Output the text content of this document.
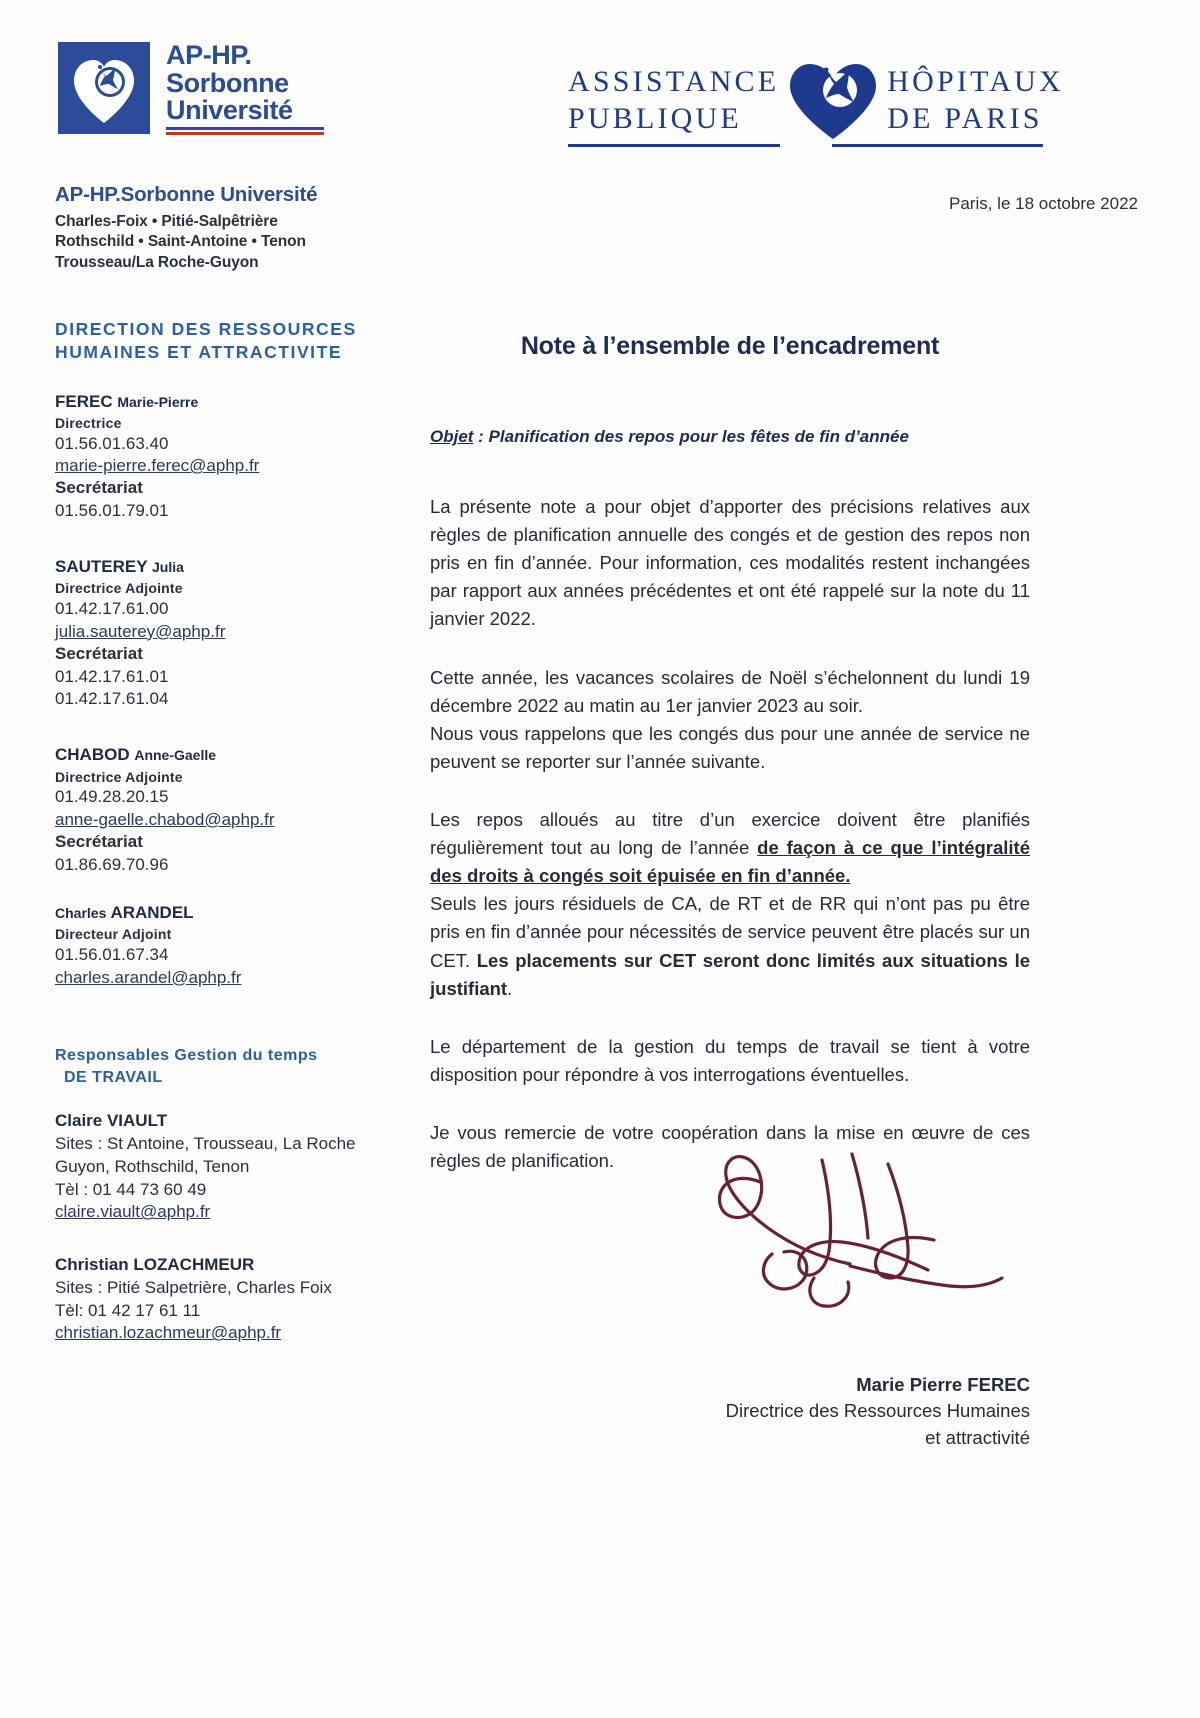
AP-HP.
Sorbonne
Université
ASSISTANCE
PUBLIQUE
HÔPITAUX
DE PARIS
AP-HP.Sorbonne Université
Charles-Foix • Pitié-Salpêtrière
Rothschild • Saint-Antoine • Tenon
Trousseau/La Roche-Guyon
Paris, le 18 octobre 2022
DIRECTION DES RESSOURCES
HUMAINES ET ATTRACTIVITE
FEREC Marie-Pierre
Directrice
01.56.01.63.40
marie-pierre.ferec@aphp.fr
Secrétariat
01.56.01.79.01
SAUTEREY Julia
Directrice Adjointe
01.42.17.61.00
julia.sauterey@aphp.fr
Secrétariat
01.42.17.61.01
01.42.17.61.04
CHABOD Anne-Gaelle
Directrice Adjointe
01.49.28.20.15
anne-gaelle.chabod@aphp.fr
Secrétariat
01.86.69.70.96
Charles ARANDEL
Directeur Adjoint
01.56.01.67.34
charles.arandel@aphp.fr
Responsables Gestion du temps
DE TRAVAIL
Claire VIAULT
Sites : St Antoine, Trousseau, La Roche
Guyon, Rothschild, Tenon
Tèl : 01 44 73 60 49
claire.viault@aphp.fr
Christian LOZACHMEUR
Sites : Pitié Salpetrière, Charles Foix
Tèl: 01 42 17 61 11
christian.lozachmeur@aphp.fr
Note à l’ensemble de l’encadrement
Objet : Planification des repos pour les fêtes de fin d’année

La présente note a pour objet d’apporter des précisions relatives aux règles de planification annuelle des congés et de gestion des repos non pris en fin d’année. Pour information, ces modalités restent inchangées par rapport aux années précédentes et ont été rappelé sur la note du 11 janvier 2022.

Cette année, les vacances scolaires de Noël s’échelonnent du lundi 19 décembre 2022 au matin au 1er janvier 2023 au soir.
Nous vous rappelons que les congés dus pour une année de service ne peuvent se reporter sur l’année suivante.

Les repos alloués au titre d’un exercice doivent être planifiés régulièrement tout au long de l’année de façon à ce que l’intégralité des droits à congés soit épuisée en fin d’année.
Seuls les jours résiduels de CA, de RT et de RR qui n’ont pas pu être pris en fin d’année pour nécessités de service peuvent être placés sur un CET. Les placements sur CET seront donc limités aux situations le justifiant.

Le département de la gestion du temps de travail se tient à votre disposition pour répondre à vos interrogations éventuelles.

Je vous remercie de votre coopération dans la mise en œuvre de ces règles de planification.

Marie Pierre FEREC
Directrice des Ressources Humaines
et attractivité
